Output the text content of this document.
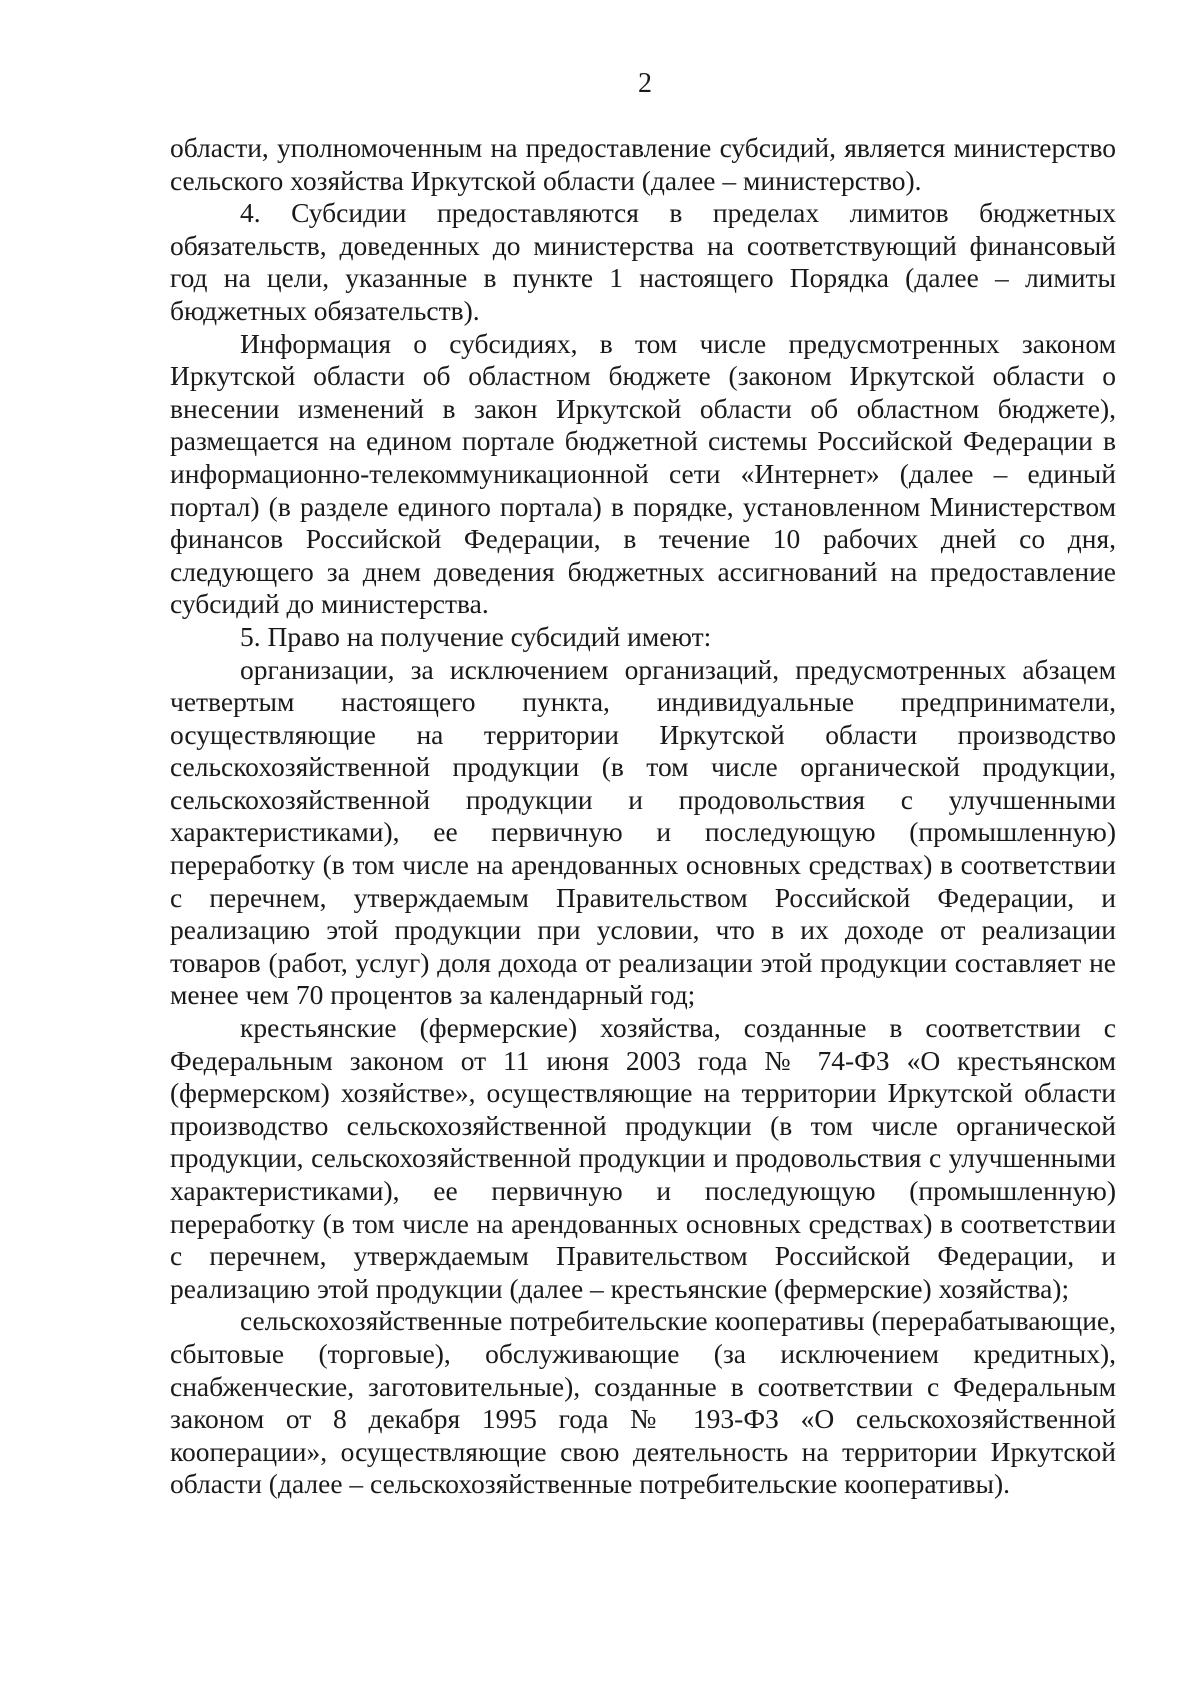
2

области, уполномоченным на предоставление субсидий, является министерство сельского хозяйства Иркутской области (далее – министерство).

4. Субсидии предоставляются в пределах лимитов бюджетных обязательств, доведенных до министерства на соответствующий финансовый год на цели, указанные в пункте 1 настоящего Порядка (далее – лимиты бюджетных обязательств).

Информация о субсидиях, в том числе предусмотренных законом Иркутской области об областном бюджете (законом Иркутской области о внесении изменений в закон Иркутской области об областном бюджете), размещается на едином портале бюджетной системы Российской Федерации в информационно-телекоммуникационной сети «Интернет» (далее – единый портал) (в разделе единого портала) в порядке, установленном Министерством финансов Российской Федерации, в течение 10 рабочих дней со дня, следующего за днем доведения бюджетных ассигнований на предоставление субсидий до министерства.

5. Право на получение субсидий имеют:

организации, за исключением организаций, предусмотренных абзацем четвертым настоящего пункта, индивидуальные предприниматели, осуществляющие на территории Иркутской области производство сельскохозяйственной продукции (в том числе органической продукции, сельскохозяйственной продукции и продовольствия с улучшенными характеристиками), ее первичную и последующую (промышленную) переработку (в том числе на арендованных основных средствах) в соответствии с перечнем, утверждаемым Правительством Российской Федерации, и реализацию этой продукции при условии, что в их доходе от реализации товаров (работ, услуг) доля дохода от реализации этой продукции составляет не менее чем 70 процентов за календарный год;

крестьянские (фермерские) хозяйства, созданные в соответствии с Федеральным законом от 11 июня 2003 года № 74-ФЗ «О крестьянском (фермерском) хозяйстве», осуществляющие на территории Иркутской области производство сельскохозяйственной продукции (в том числе органической продукции, сельскохозяйственной продукции и продовольствия с улучшенными характеристиками), ее первичную и последующую (промышленную) переработку (в том числе на арендованных основных средствах) в соответствии с перечнем, утверждаемым Правительством Российской Федерации, и реализацию этой продукции (далее – крестьянские (фермерские) хозяйства);

сельскохозяйственные потребительские кооперативы (перерабатывающие, сбытовые (торговые), обслуживающие (за исключением кредитных), снабженческие, заготовительные), созданные в соответствии с Федеральным законом от 8 декабря 1995 года № 193-ФЗ «О сельскохозяйственной кооперации», осуществляющие свою деятельность на территории Иркутской области (далее – сельскохозяйственные потребительские кооперативы).
